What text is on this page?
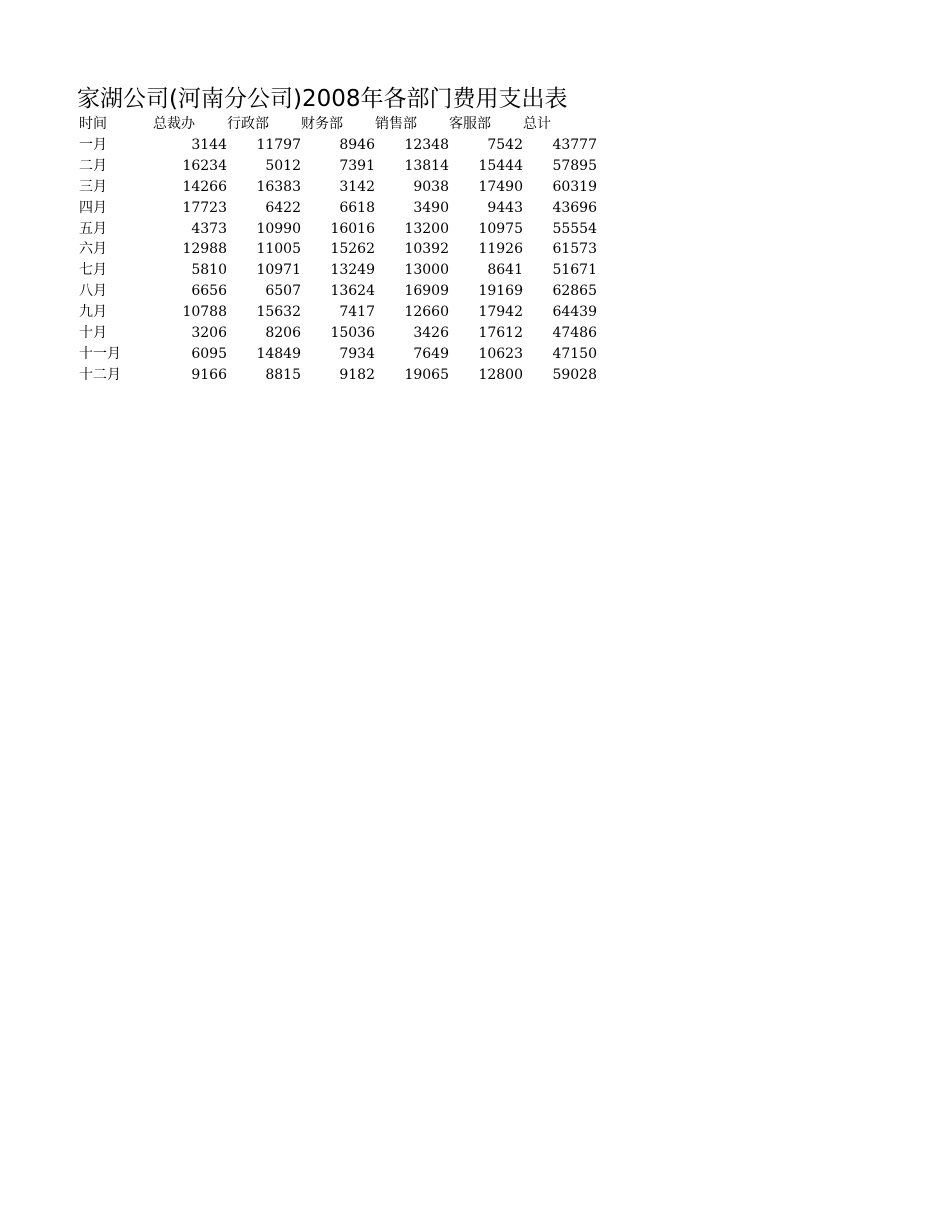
家湖公司(河南分公司)2008年各部门费用支出表
时间	总裁办	行政部	财务部	销售部	客服部	总计
一月	3144	11797	8946	12348	7542	43777
二月	16234	5012	7391	13814	15444	57895
三月	14266	16383	3142	9038	17490	60319
四月	17723	6422	6618	3490	9443	43696
五月	4373	10990	16016	13200	10975	55554
六月	12988	11005	15262	10392	11926	61573
七月	5810	10971	13249	13000	8641	51671
八月	6656	6507	13624	16909	19169	62865
九月	10788	15632	7417	12660	17942	64439
十月	3206	8206	15036	3426	17612	47486
十一月	6095	14849	7934	7649	10623	47150
十二月	9166	8815	9182	19065	12800	59028
